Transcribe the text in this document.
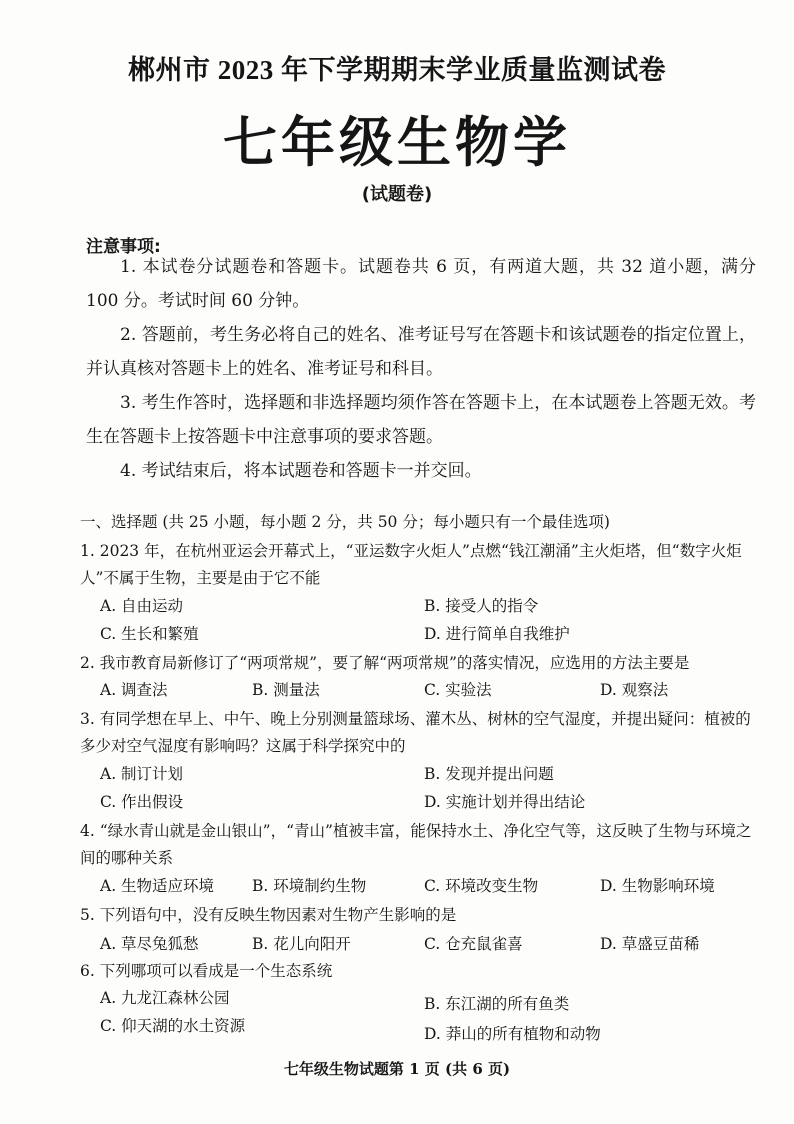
郴州市 2023 年下学期期末学业质量监测试卷
七年级生物学
(试题卷)
注意事项:
1. 本试卷分试题卷和答题卡。试题卷共 6 页，有两道大题，共 32 道小题，满分 100 分。考试时间 60 分钟。
2. 答题前，考生务必将自己的姓名、准考证号写在答题卡和该试题卷的指定位置上，并认真核对答题卡上的姓名、准考证号和科目。
3. 考生作答时，选择题和非选择题均须作答在答题卡上，在本试题卷上答题无效。考生在答题卡上按答题卡中注意事项的要求答题。
4. 考试结束后，将本试题卷和答题卡一并交回。
一、选择题 (共 25 小题，每小题 2 分，共 50 分；每小题只有一个最佳选项)
1. 2023 年，在杭州亚运会开幕式上，“亚运数字火炬人”点燃“钱江潮涌”主火炬塔，但“数字火炬人”不属于生物，主要是由于它不能
A. 自由运动	B. 接受人的指令
C. 生长和繁殖	D. 进行简单自我维护
2. 我市教育局新修订了“两项常规”，要了解“两项常规”的落实情况，应选用的方法主要是
A. 调查法	B. 测量法	C. 实验法	D. 观察法
3. 有同学想在早上、中午、晚上分别测量篮球场、灌木丛、树林的空气湿度，并提出疑问：植被的多少对空气湿度有影响吗？这属于科学探究中的
A. 制订计划	B. 发现并提出问题
C. 作出假设	D. 实施计划并得出结论
4. “绿水青山就是金山银山”，“青山”植被丰富，能保持水土、净化空气等，这反映了生物与环境之间的哪种关系
A. 生物适应环境 B. 环境制约生物	C. 环境改变生物	D. 生物影响环境
5. 下列语句中，没有反映生物因素对生物产生影响的是
A. 草尽兔狐愁	B. 花儿向阳开	C. 仓充鼠雀喜	D. 草盛豆苗稀
6. 下列哪项可以看成是一个生态系统
A. 九龙江森林公园	B. 东江湖的所有鱼类
C. 仰天湖的水土资源	D. 莽山的所有植物和动物
七年级生物试题第 1 页 (共 6 页)
